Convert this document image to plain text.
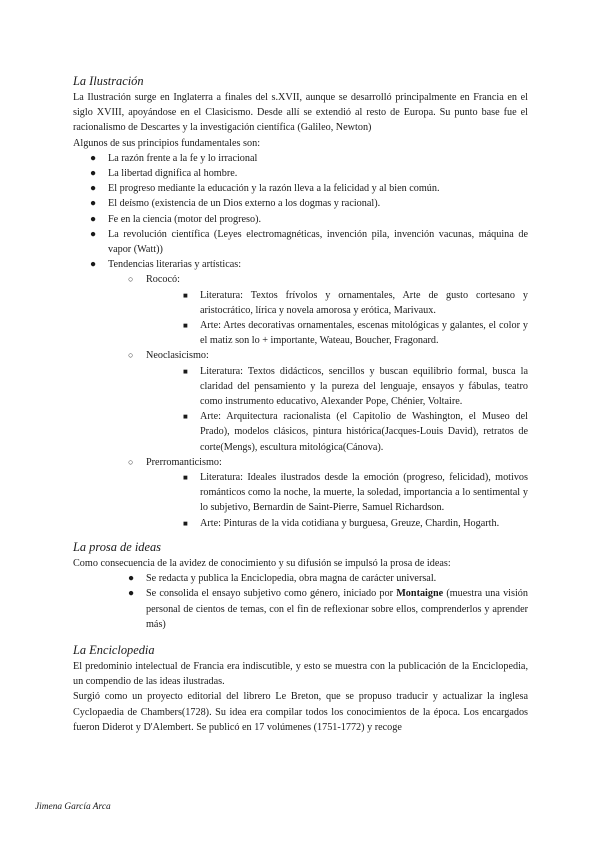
La Ilustración

La Ilustración surge en Inglaterra a finales del s.XVII, aunque se desarrolló principalmente en Francia en el siglo XVIII, apoyándose en el Clasicismo. Desde allí se extendió al resto de Europa. Su punto base fue el racionalismo de Descartes y la investigación científica (Galileo, Newton)

Algunos de sus principios fundamentales son:

● La razón frente a la fe y lo irracional
● La libertad dignifica al hombre.
● El progreso mediante la educación y la razón lleva a la felicidad y al bien común.
● El deísmo (existencia de un Dios externo a los dogmas y racional).
● Fe en la ciencia (motor del progreso).
● La revolución científica (Leyes electromagnéticas, invención pila, invención vacunas, máquina de vapor (Watt))
● Tendencias literarias y artísticas:
○ Rococó:
■ Literatura: Textos frívolos y ornamentales, Arte de gusto cortesano y aristocrático, lírica y novela amorosa y erótica, Marivaux.
■ Arte: Artes decorativas ornamentales, escenas mitológicas y galantes, el color y el matiz son lo + importante, Wateau, Boucher, Fragonard.
○ Neoclasicismo:
■ Literatura: Textos didácticos, sencillos y buscan equilibrio formal, busca la claridad del pensamiento y la pureza del lenguaje, ensayos y fábulas, teatro como instrumento educativo, Alexander Pope, Chénier, Voltaire.
■ Arte: Arquitectura racionalista (el Capitolio de Washington, el Museo del Prado), modelos clásicos, pintura histórica(Jacques-Louis David), retratos de corte(Mengs), escultura mitológica(Cánova).
○ Prerromanticismo:
■ Literatura: Ideales ilustrados desde la emoción (progreso, felicidad), motivos románticos como la noche, la muerte, la soledad, importancia a lo sentimental y lo subjetivo, Bernardin de Saint-Pierre, Samuel Richardson.
■ Arte: Pinturas de la vida cotidiana y burguesa, Greuze, Chardin, Hogarth.
La prosa de ideas

Como consecuencia de la avidez de conocimiento y su difusión se impulsó la prosa de ideas:

● Se redacta y publica la Enciclopedia, obra magna de carácter universal.
● Se consolida el ensayo subjetivo como género, iniciado por Montaigne (muestra una visión personal de cientos de temas, con el fin de reflexionar sobre ellos, comprenderlos y aprender más)
La Enciclopedia

El predominio intelectual de Francia era indiscutible, y esto se muestra con la publicación de la Enciclopedia, un compendio de las ideas ilustradas.

Surgió como un proyecto editorial del librero Le Breton, que se propuso traducir y actualizar la inglesa Cyclopaedia de Chambers(1728). Su idea era compilar todos los conocimientos de la época. Los encargados fueron Diderot y D'Alembert. Se publicó en 17 volúmenes (1751-1772) y recoge

Jimena García Arca
